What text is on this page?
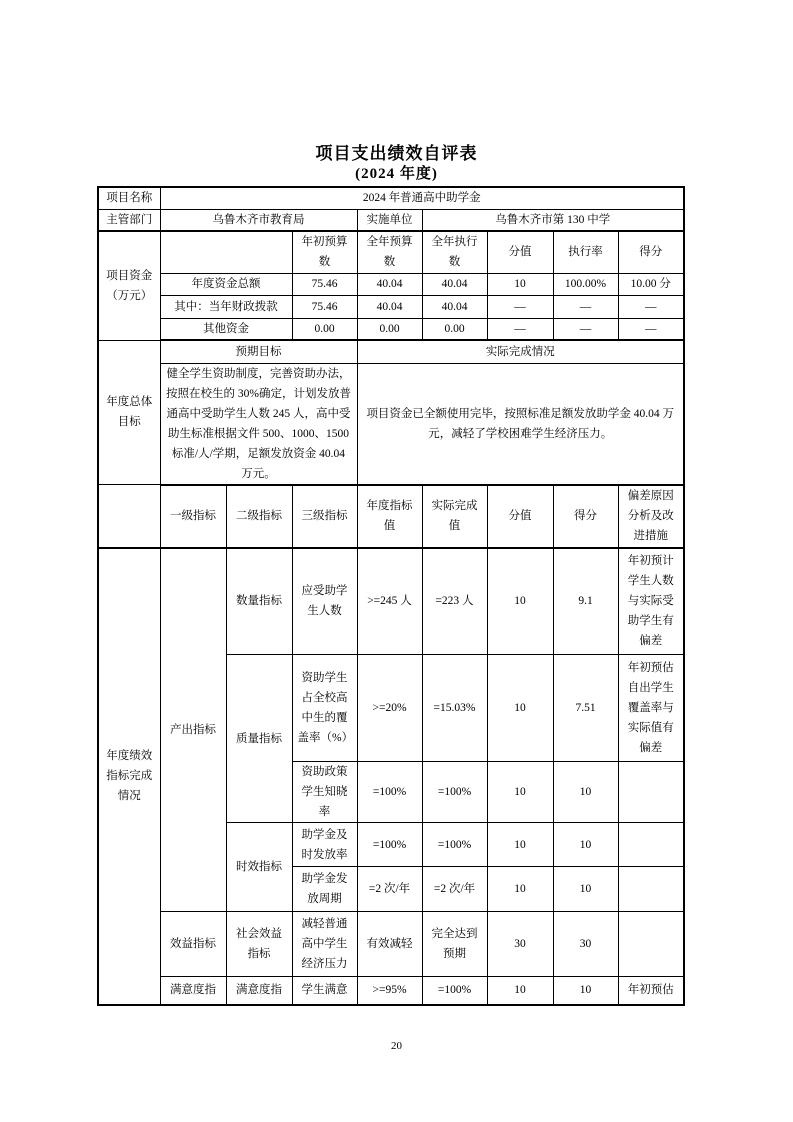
项目支出绩效自评表
(2024 年度)
项目名称	2024 年普通高中助学金							
主管部门	乌鲁木齐市教育局			实施单位	乌鲁木齐市第 130 中学			
项目资金（万元）			年初预算数	全年预算数	全年执行数	分值	执行率	得分
	年度资金总额		75.46	40.04	40.04	10	100.00%	10.00 分
	其中：当年财政拨款		75.46	40.04	40.04	—	—	—
	其他资金		0.00	0.00	0.00	—	—	—
年度总体目标	预期目标			实际完成情况				
	健全学生资助制度，完善资助办法，按照在校生的 30%确定，计划发放普通高中受助学生人数 245 人，高中受助生标准根据文件 500、1000、1500 标准/人/学期，足额发放资金 40.04 万元。			项目资金已全额使用完毕，按照标准足额发放助学金 40.04 万元，减轻了学校困难学生经济压力。				
	一级指标	二级指标	三级指标	年度指标值	实际完成值	分值	得分	偏差原因分析及改进措施
年度绩效指标完成情况	产出指标	数量指标	应受助学生人数	>=245 人	=223 人	10	9.1	年初预计学生人数与实际受助学生有偏差
		质量指标	资助学生占全校高中生的覆盖率（%）	>=20%	=15.03%	10	7.51	年初预估自出学生覆盖率与实际值有偏差
			资助政策学生知晓率	=100%	=100%	10	10	
		时效指标	助学金及时发放率	=100%	=100%	10	10	
			助学金发放周期	=2 次/年	=2 次/年	10	10	
	效益指标	社会效益指标	减轻普通高中学生经济压力	有效减轻	完全达到预期	30	30	
	满意度指	满意度指	学生满意	>=95%	=100%	10	10	年初预估
20
